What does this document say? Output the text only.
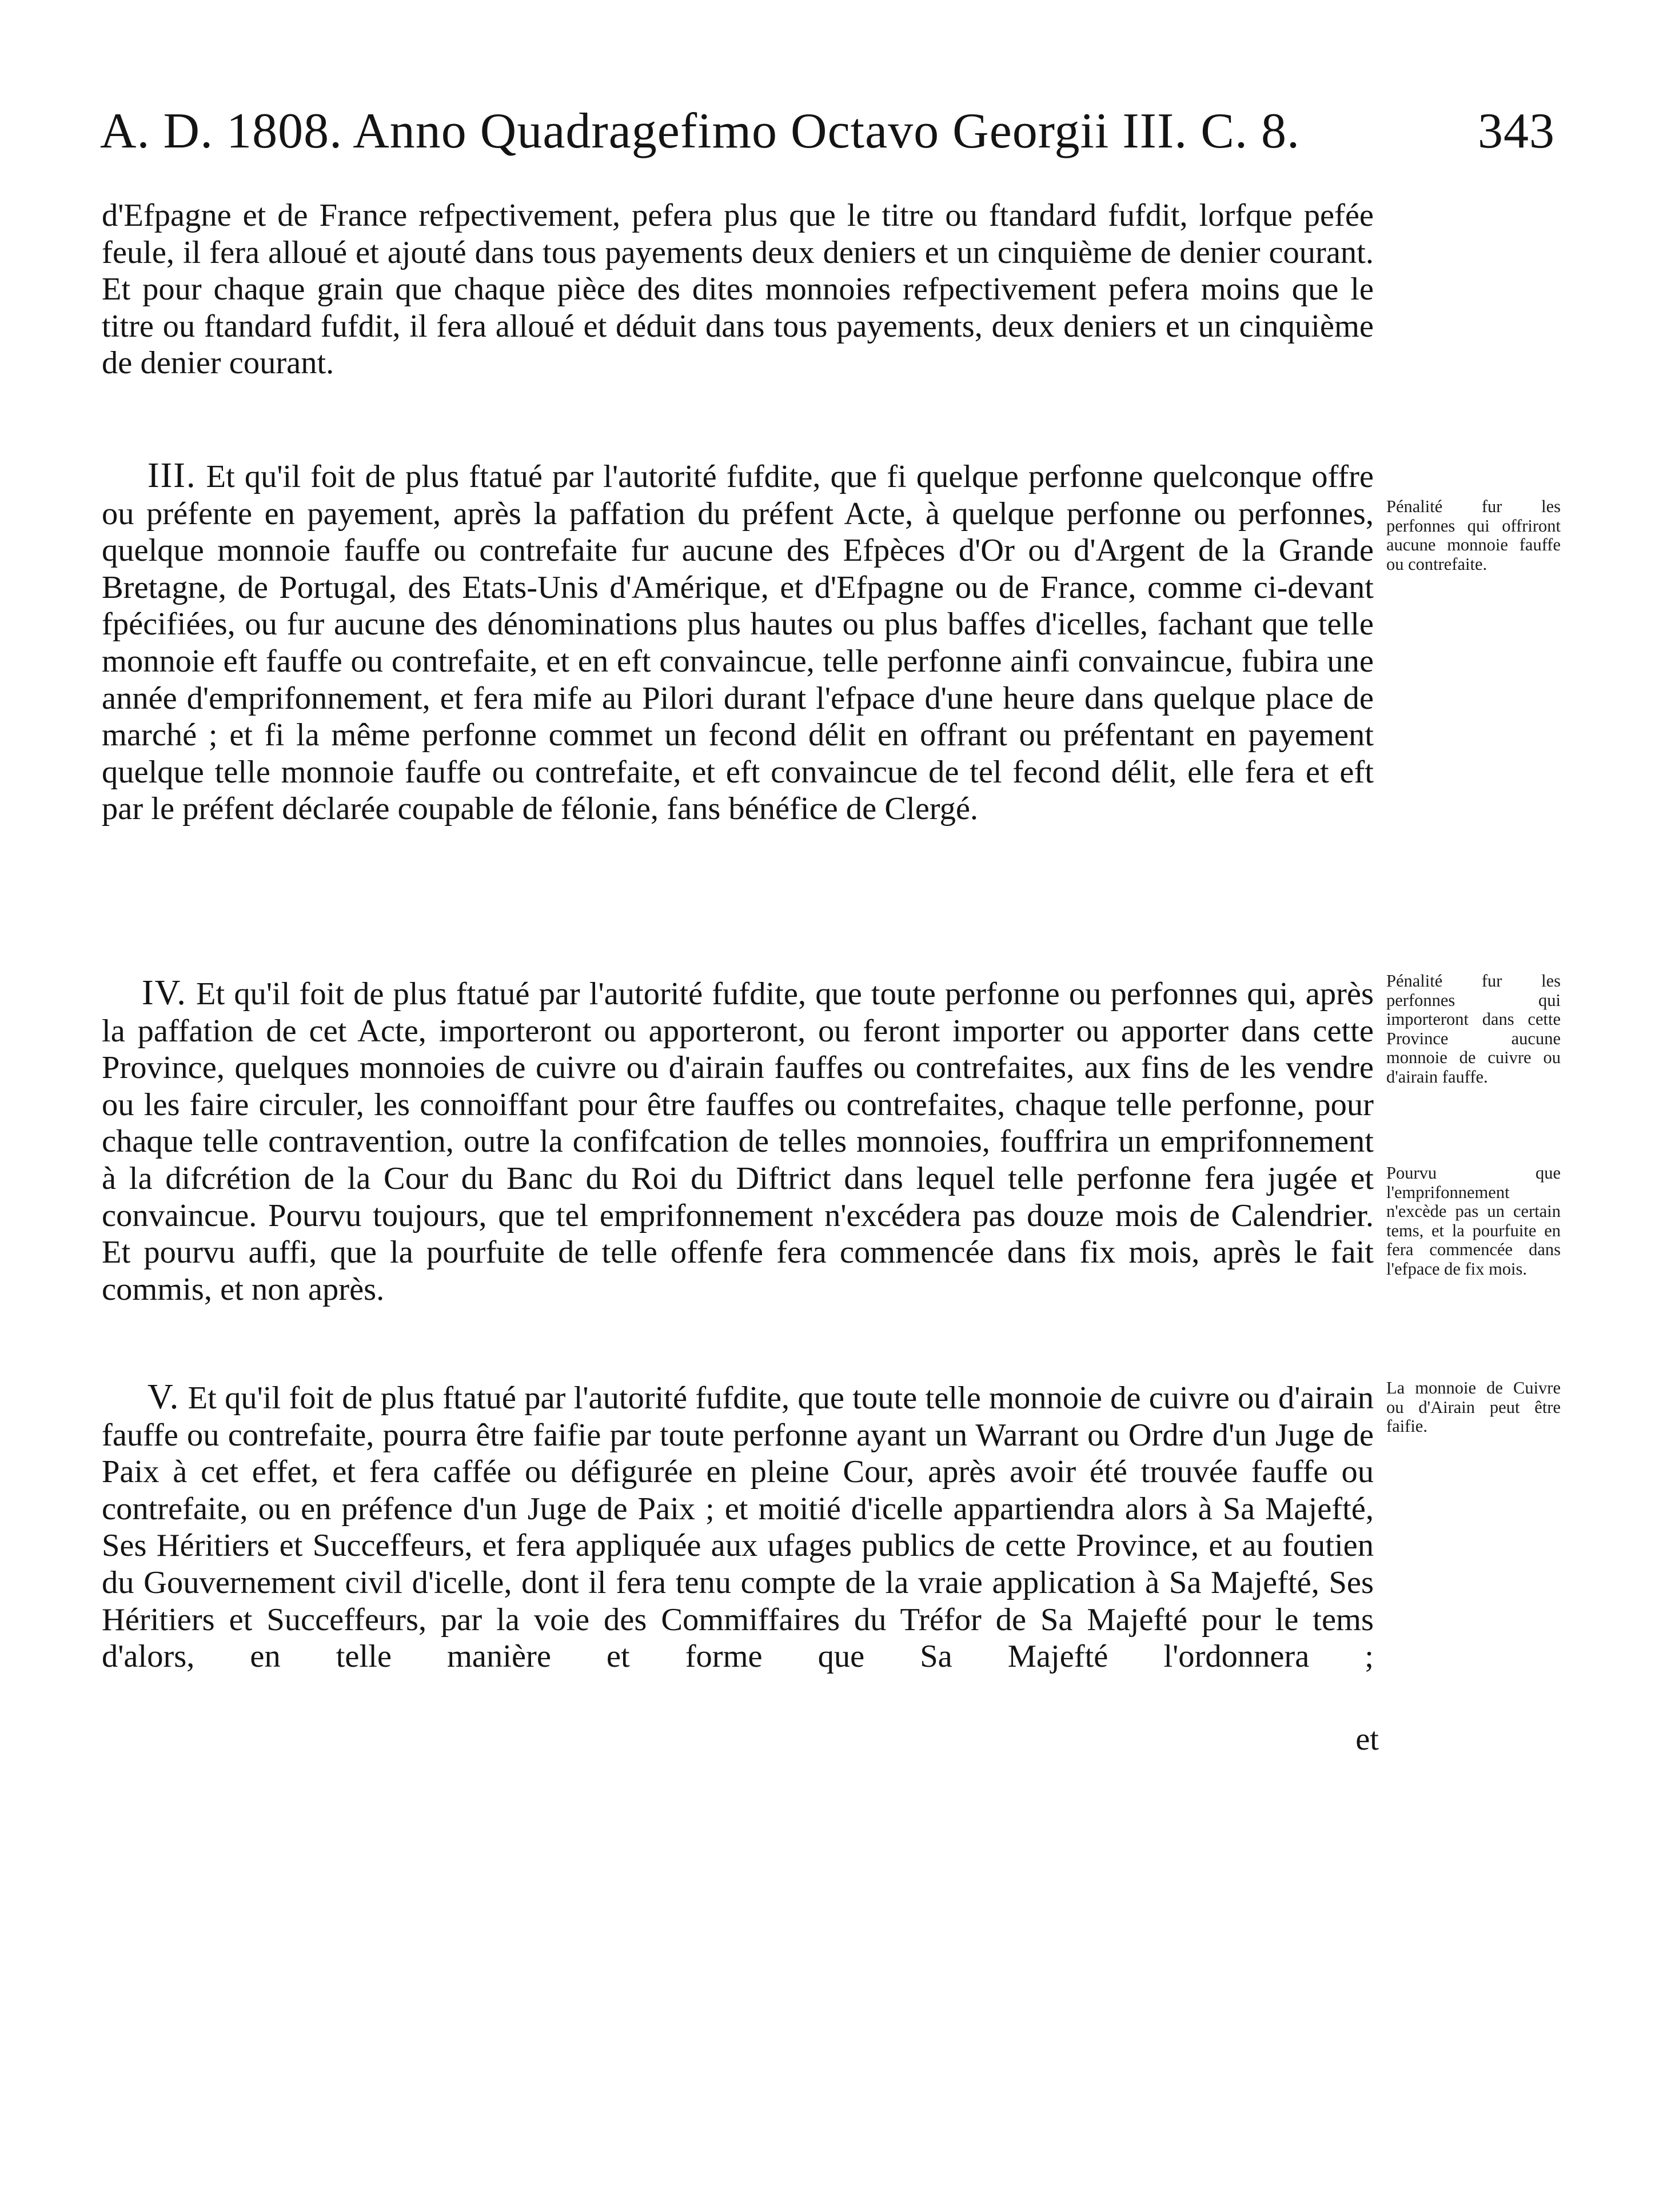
A. D. 1808. Anno Quadragefimo Octavo Georgii III. C. 8.	343

d'Efpagne et de France refpectivement, pefera plus que le titre ou ftandard fufdit, lorfque pefée feule, il fera alloué et ajouté dans tous payements deux deniers et un cinquième de denier courant. Et pour chaque grain que chaque pièce des dites monnoies refpectivement pefera moins que le titre ou ftandard fufdit, il fera alloué et déduit dans tous payements, deux deniers et un cinquième de denier courant.

III. Et qu'il foit de plus ftatué par l'autorité fufdite, que fi quelque perfonne quelconque offre ou préfente en payement, après la paffation du préfent Acte, à quelque perfonne ou perfonnes, quelque monnoie fauffe ou contrefaite fur aucune des Efpèces d'Or ou d'Argent de la Grande Bretagne, de Portugal, des Etats-Unis d'Amérique, et d'Efpagne ou de France, comme ci-devant fpécifiées, ou fur aucune des dénominations plus hautes ou plus baffes d'icelles, fachant que telle monnoie eft fauffe ou contrefaite, et en eft convaincue, telle perfonne ainfi convaincue, fubira une année d'emprifonnement, et fera mife au Pilori durant l'efpace d'une heure dans quelque place de marché ; et fi la même perfonne commet un fecond délit en offrant ou préfentant en payement quelque telle monnoie fauffe ou contrefaite, et eft convaincue de tel fecond délit, elle fera et eft par le préfent déclarée coupable de félonie, fans bénéfice de Clergé.

Pénalité fur les perfonnes qui offriront aucune monnoie fauffe ou contrefaite.

IV. Et qu'il foit de plus ftatué par l'autorité fufdite, que toute perfonne ou perfonnes qui, après la paffation de cet Acte, importeront ou apporteront, ou feront importer ou apporter dans cette Province, quelques monnoies de cuivre ou d'airain fauffes ou contrefaites, aux fins de les vendre ou les faire circuler, les connoiffant pour être fauffes ou contrefaites, chaque telle perfonne, pour chaque telle contravention, outre la confifcation de telles monnoies, fouffrira un emprifonnement à la difcrétion de la Cour du Banc du Roi du Diftrict dans lequel telle perfonne fera jugée et convaincue. Pourvu toujours, que tel emprifonnement n'excédera pas douze mois de Calendrier. Et pourvu auffi, que la pourfuite de telle offenfe fera commencée dans fix mois, après le fait commis, et non après.

Pénalité fur les perfonnes qui importeront dans cette Province aucune monnoie de cuivre ou d'airain fauffe.

Pourvu que l'emprifonnement n'excède pas un certain tems, et la pourfuite en fera commencée dans l'efpace de fix mois.

V. Et qu'il foit de plus ftatué par l'autorité fufdite, que toute telle monnoie de cuivre ou d'airain fauffe ou contrefaite, pourra être faifie par toute perfonne ayant un Warrant ou Ordre d'un Juge de Paix à cet effet, et fera caffée ou défigurée en pleine Cour, après avoir été trouvée fauffe ou contrefaite, ou en préfence d'un Juge de Paix ; et moitié d'icelle appartiendra alors à Sa Majefté, Ses Héritiers et Succeffeurs, et fera appliquée aux ufages publics de cette Province, et au foutien du Gouvernement civil d'icelle, dont il fera tenu compte de la vraie application à Sa Majefté, Ses Héritiers et Succeffeurs, par la voie des Commiffaires du Tréfor de Sa Majefté pour le tems d'alors, en telle manière et forme que Sa Majefté l'ordonnera ;

La monnoie de Cuivre ou d'Airain peut être faifie.

et
